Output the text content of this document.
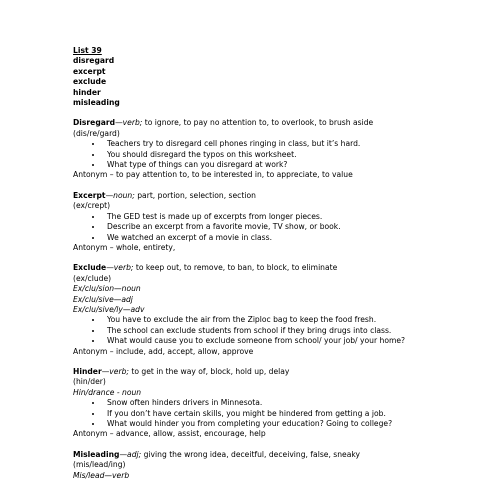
List 39
disregard
excerpt
exclude
hinder
misleading
Disregard—verb; to ignore, to pay no attention to, to overlook, to brush aside
(dis/re/gard)
• Teachers try to disregard cell phones ringing in class, but it’s hard.
• You should disregard the typos on this worksheet.
• What type of things can you disregard at work?
Antonym – to pay attention to, to be interested in, to appreciate, to value
Excerpt—noun; part, portion, selection, section
(ex/crept)
• The GED test is made up of excerpts from longer pieces.
• Describe an excerpt from a favorite movie, TV show, or book.
• We watched an excerpt of a movie in class.
Antonym – whole, entirety,
Exclude—verb; to keep out, to remove, to ban, to block, to eliminate
(ex/clude)
Ex/clu/sion—noun
Ex/clu/sive—adj
Ex/clu/sive/ly—adv
• You have to exclude the air from the Ziploc bag to keep the food fresh.
• The school can exclude students from school if they bring drugs into class.
• What would cause you to exclude someone from school/ your job/ your home?
Antonym – include, add, accept, allow, approve
Hinder—verb; to get in the way of, block, hold up, delay
(hin/der)
Hin/drance - noun
• Snow often hinders drivers in Minnesota.
• If you don’t have certain skills, you might be hindered from getting a job.
• What would hinder you from completing your education? Going to college?
Antonym – advance, allow, assist, encourage, help
Misleading—adj; giving the wrong idea, deceitful, deceiving, false, sneaky
(mis/lead/ing)
Mis/lead—verb
